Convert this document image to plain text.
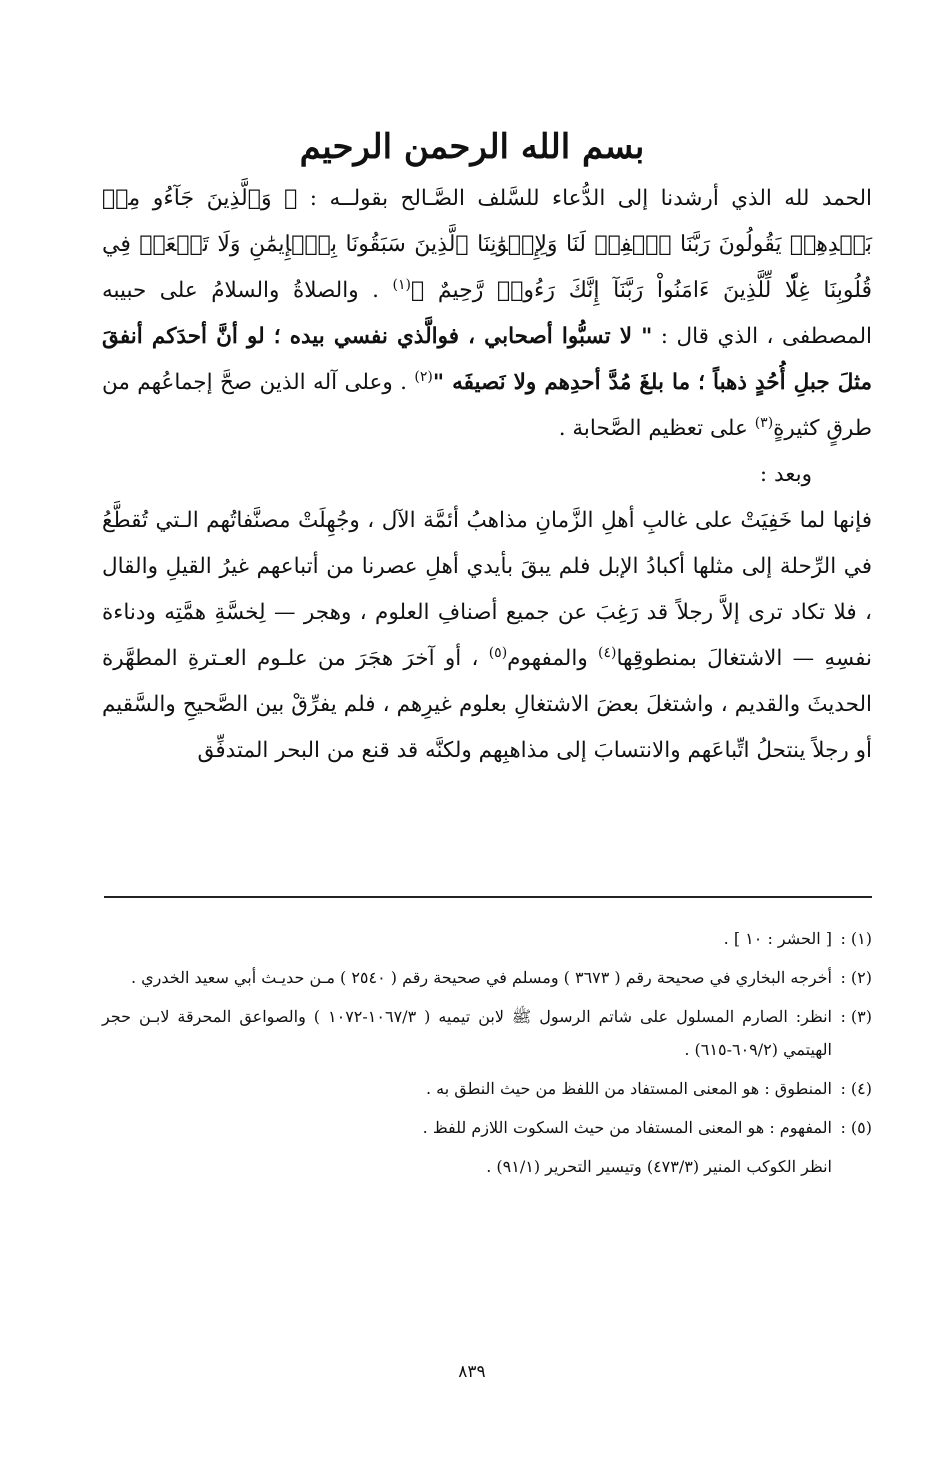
بسم الله الرحمن الرحيم

الحمد لله الذي أرشدنا إلى الدُّعاء للسَّلف الصَّـالح بقولــه : ﴿ وَٱلَّذِينَ جَآءُو مِنۢ بَعۡدِهِمۡ يَقُولُونَ رَبَّنَا ٱغۡفِرۡ لَنَا وَلِإِخۡوَٰنِنَا ٱلَّذِينَ سَبَقُونَا بِٱلۡإِيمَٰنِ وَلَا تَجۡعَلۡ فِي قُلُوبِنَا غِلّٗا لِّلَّذِينَ ءَامَنُواْ رَبَّنَآ إِنَّكَ رَءُوفٞ رَّحِيمٌ ﴾$^{(١)}$ . والصلاةُ والسلامُ على حبيبه المصطفى ، الذي قال : " لا تسبُّوا أصحابي ، فوالَّذي نفسي بيده ؛ لو أنَّ أحدَكم أنفقَ مثلَ جبلِ أُحُدٍ ذهباً ؛ ما بلغَ مُدَّ أحدِهم ولا نَصيفَه "$^{(٢)}$ . وعلى آله الذين صحَّ إجماعُهم من طرقٍ كثيرةٍ$^{(٣)}$ على تعظيم الصَّحابة .

وبعد :

فإنها لما خَفِيَتْ على غالبِ أهلِ الزَّمانِ مذاهبُ أئمَّة الآل ، وجُهِلَتْ مصنَّفاتُهم الـتي تُقطَّعُ في الرِّحلة إلى مثلها أكبادُ الإبل فلم يبقَ بأيدي أهلِ عصرنا من أتباعهم غيرُ القيلِ والقال ، فلا تكاد ترى إلاَّ رجلاً قد رَغِبَ عن جميع أصنافِ العلوم ، وهجر — لِخسَّةِ همَّتِه ودناءة نفسِهِ — الاشتغالَ بمنطوقِها$^{(٤)}$ والمفهوم$^{(٥)}$ ، أو آخرَ هجَرَ من علـوم العـترةِ المطهَّرة الحديثَ والقديم ، واشتغلَ بعضَ الاشتغالِ بعلوم غيرِهم ، فلم يفرِّقْ بين الصَّحيحِ والسَّقيم أو رجلاً ينتحلُ اتِّباعَهم والانتسابَ إلى مذاهبِهم ولكنَّه قد قنع من البحر المتدفِّق

(١) :[ الحشر : ١٠ ] .

(٢) :أخرجه البخاري في صحيحة رقم ( ٣٦٧٣ ) ومسلم في صحيحة رقم ( ٢٥٤٠ ) مـن حديـث أبي سعيد الخدري .

(٣) :انظر: الصارم المسلول على شاتم الرسول ﷺ لابن تيميه ( ١٠٦٧/٣-١٠٧٢ ) والصواعق المحرقة لابـن حجر الهيتمي (٦٠٩/٢-٦١٥) .

(٤) :المنطوق : هو المعنى المستفاد من اللفظ من حيث النطق به .

(٥) :المفهوم : هو المعنى المستفاد من حيث السكوت اللازم للفظ .

انظر الكوكب المنير (٤٧٣/٣) وتيسير التحرير (٩١/١) .

٨٣٩
